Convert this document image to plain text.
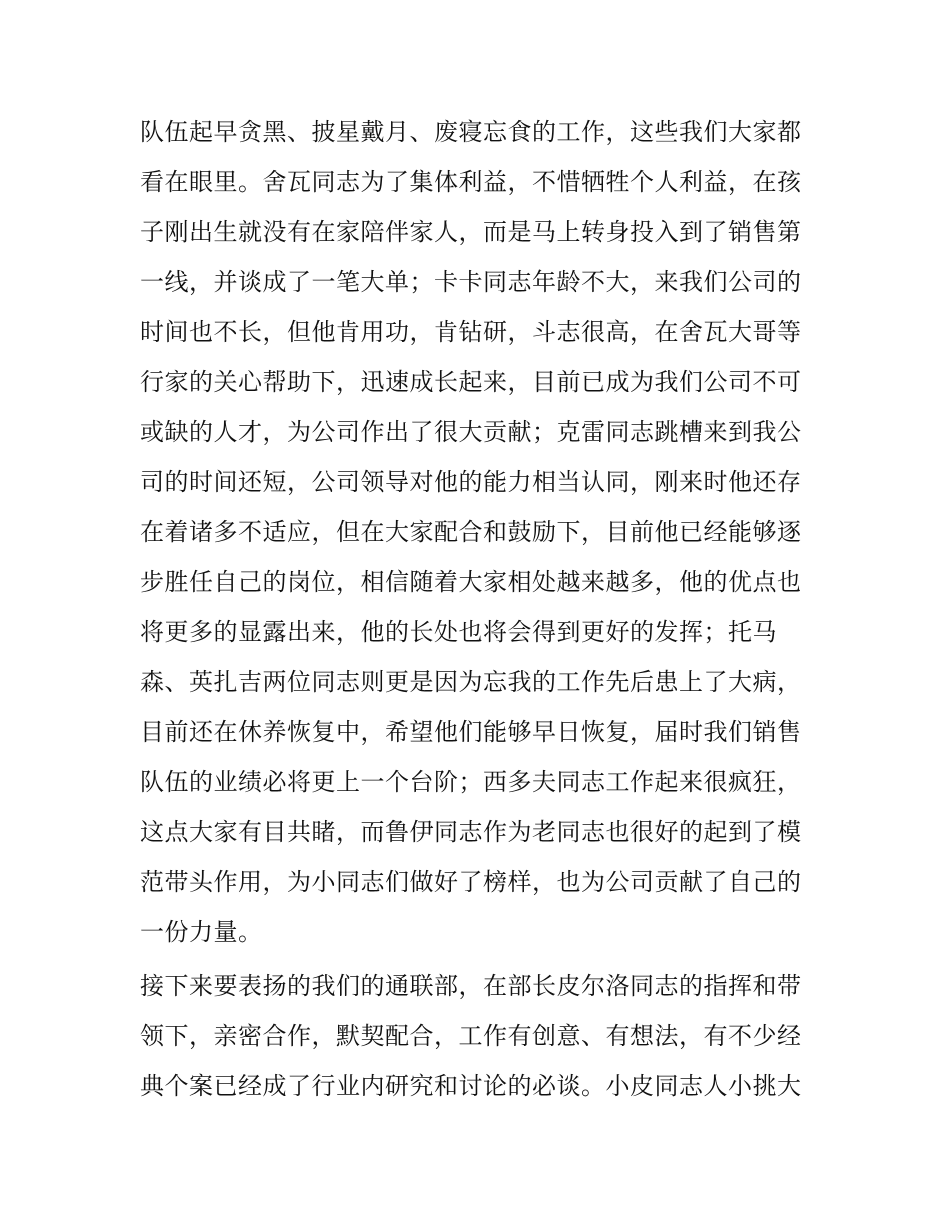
队伍起早贪黑、披星戴月、废寝忘食的工作，这些我们大家都
看在眼里。舍瓦同志为了集体利益，不惜牺牲个人利益，在孩
子刚出生就没有在家陪伴家人，而是马上转身投入到了销售第
一线，并谈成了一笔大单；卡卡同志年龄不大，来我们公司的
时间也不长，但他肯用功，肯钻研，斗志很高，在舍瓦大哥等
行家的关心帮助下，迅速成长起来，目前已成为我们公司不可
或缺的人才，为公司作出了很大贡献；克雷同志跳槽来到我公
司的时间还短，公司领导对他的能力相当认同，刚来时他还存
在着诸多不适应，但在大家配合和鼓励下，目前他已经能够逐
步胜任自己的岗位，相信随着大家相处越来越多，他的优点也
将更多的显露出来，他的长处也将会得到更好的发挥；托马
森、英扎吉两位同志则更是因为忘我的工作先后患上了大病，
目前还在休养恢复中，希望他们能够早日恢复，届时我们销售
队伍的业绩必将更上一个台阶；西多夫同志工作起来很疯狂，
这点大家有目共睹，而鲁伊同志作为老同志也很好的起到了模
范带头作用，为小同志们做好了榜样，也为公司贡献了自己的
一份力量。
接下来要表扬的我们的通联部，在部长皮尔洛同志的指挥和带
领下，亲密合作，默契配合，工作有创意、有想法，有不少经
典个案已经成了行业内研究和讨论的必谈。小皮同志人小挑大
